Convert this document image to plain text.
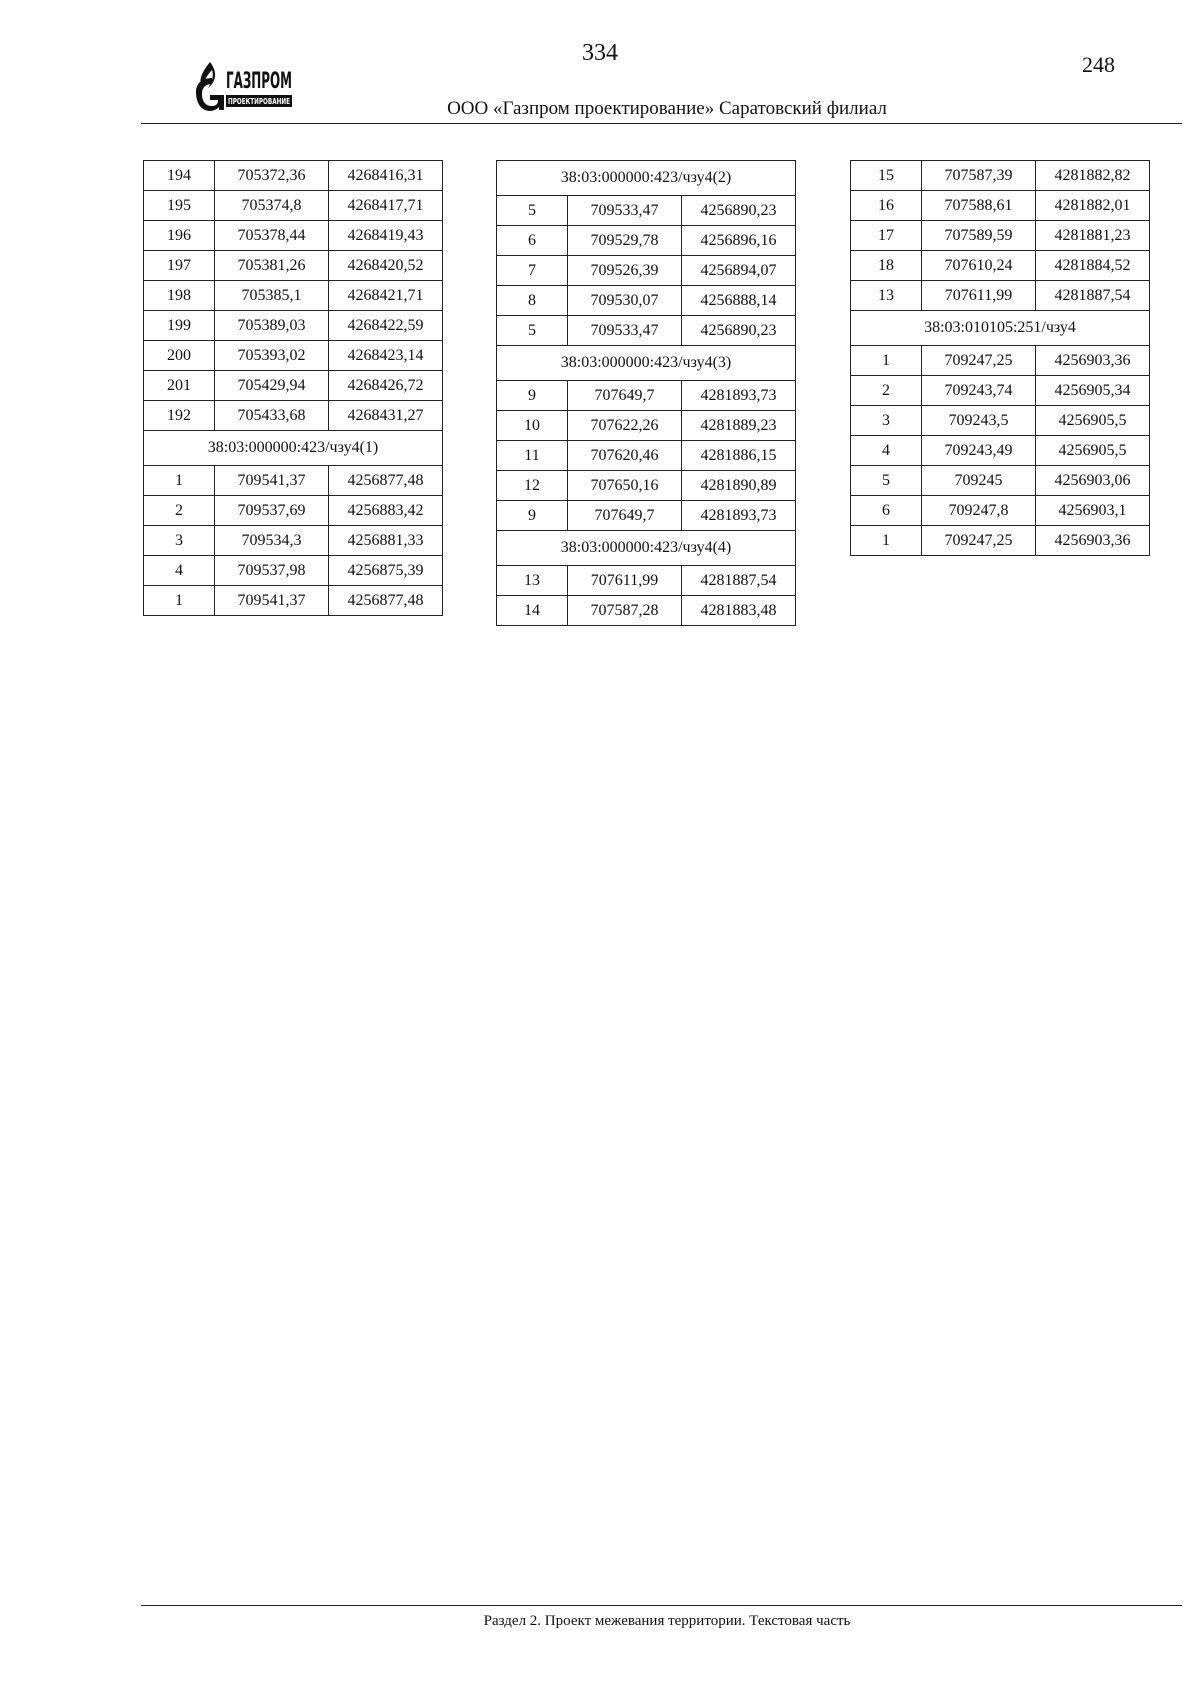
334	248
ГАЗПРОМ
ПРОЕКТИРОВАНИЕ	ООО «Газпром проектирование» Саратовский филиал
194	705372,36	4268416,31
195	705374,8	4268417,71
196	705378,44	4268419,43
197	705381,26	4268420,52
198	705385,1	4268421,71
199	705389,03	4268422,59
200	705393,02	4268423,14
201	705429,94	4268426,72
192	705433,68	4268431,27
38:03:000000:423/чзу4(1)		
1	709541,37	4256877,48
2	709537,69	4256883,42
3	709534,3	4256881,33
4	709537,98	4256875,39
1	709541,37	4256877,48
38:03:000000:423/чзу4(2)		
5	709533,47	4256890,23
6	709529,78	4256896,16
7	709526,39	4256894,07
8	709530,07	4256888,14
5	709533,47	4256890,23
38:03:000000:423/чзу4(3)		
9	707649,7	4281893,73
10	707622,26	4281889,23
11	707620,46	4281886,15
12	707650,16	4281890,89
9	707649,7	4281893,73
38:03:000000:423/чзу4(4)		
13	707611,99	4281887,54
14	707587,28	4281883,48
15	707587,39	4281882,82
16	707588,61	4281882,01
17	707589,59	4281881,23
18	707610,24	4281884,52
13	707611,99	4281887,54
38:03:010105:251/чзу4		
1	709247,25	4256903,36
2	709243,74	4256905,34
3	709243,5	4256905,5
4	709243,49	4256905,5
5	709245	4256903,06
6	709247,8	4256903,1
1	709247,25	4256903,36
Раздел 2. Проект межевания территории. Текстовая часть
